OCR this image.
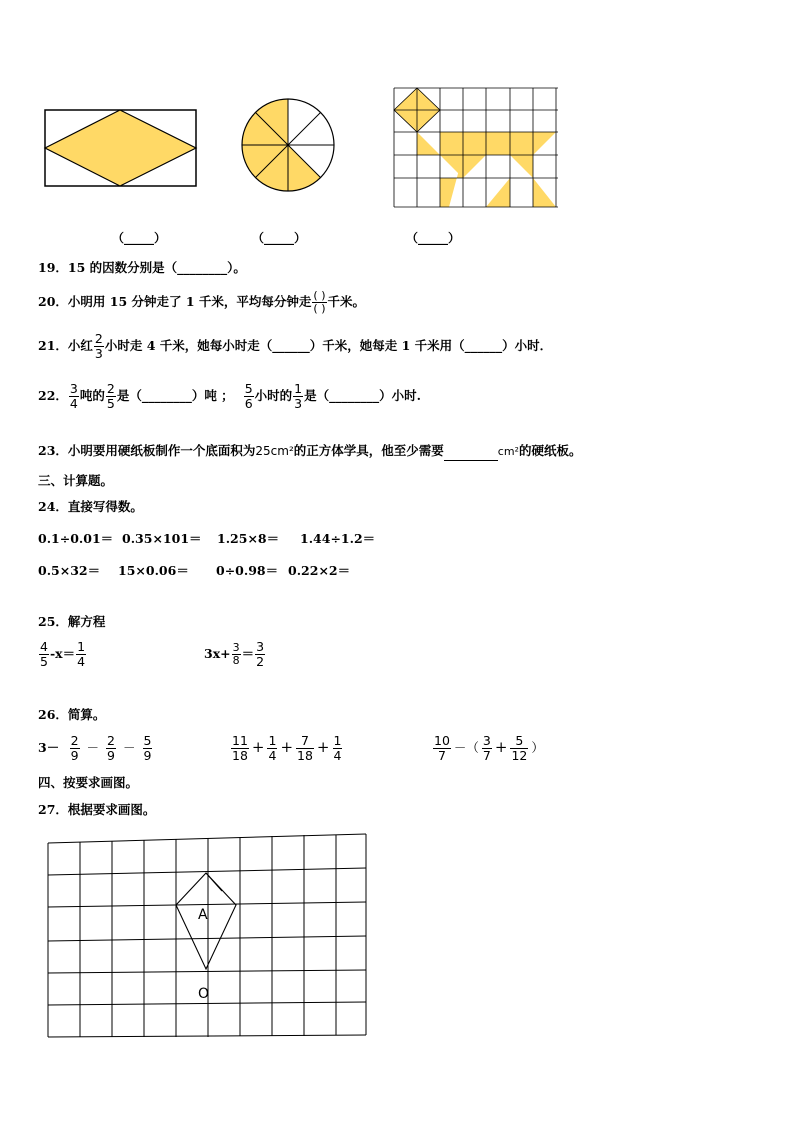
（_____）	（_____）	（_____）
19．15 的因数分别是（________）。
20．小明用 15 分钟走了 1 千米，平均每分钟走 $\frac{( )}{( )}$ 千米。
21．小红 $\frac{2}{3}$ 小时走 4 千米，她每小时走（______）千米，她每走 1 千米用（______）小时．
22． $\frac{3}{4}$ 吨的 $\frac{2}{5}$ 是（________）吨 ； $\frac{5}{6}$ 小时的 $\frac{1}{3}$ 是（________）小时.
23．小明要用硬纸板制作一个底面积为25cm²的正方体学具，他至少需要	cm²的硬纸板。
三、计算题。
24．直接写得数。
0.1÷0.01＝ 0.35×101＝ 1.25×8＝ 1.44÷1.2＝
0.5×32＝ 15×0.06＝ 0÷0.98＝ 0.22×2＝
25．解方程
$\frac{4}{5} -x= \frac{1}{4}$	$3x+ \frac{3}{8} = \frac{3}{2}$
26．简算。
$3- \frac{2}{9} - \frac{2}{9} - \frac{5}{9}$	$\frac{11}{18} + \frac{1}{4} + \frac{7}{18} + \frac{1}{4}$	$\frac{10}{7}$ －（ $\frac{3}{7} + \frac{5}{12}$ ）
四、按要求画图。
27．根据要求画图。
A
O
